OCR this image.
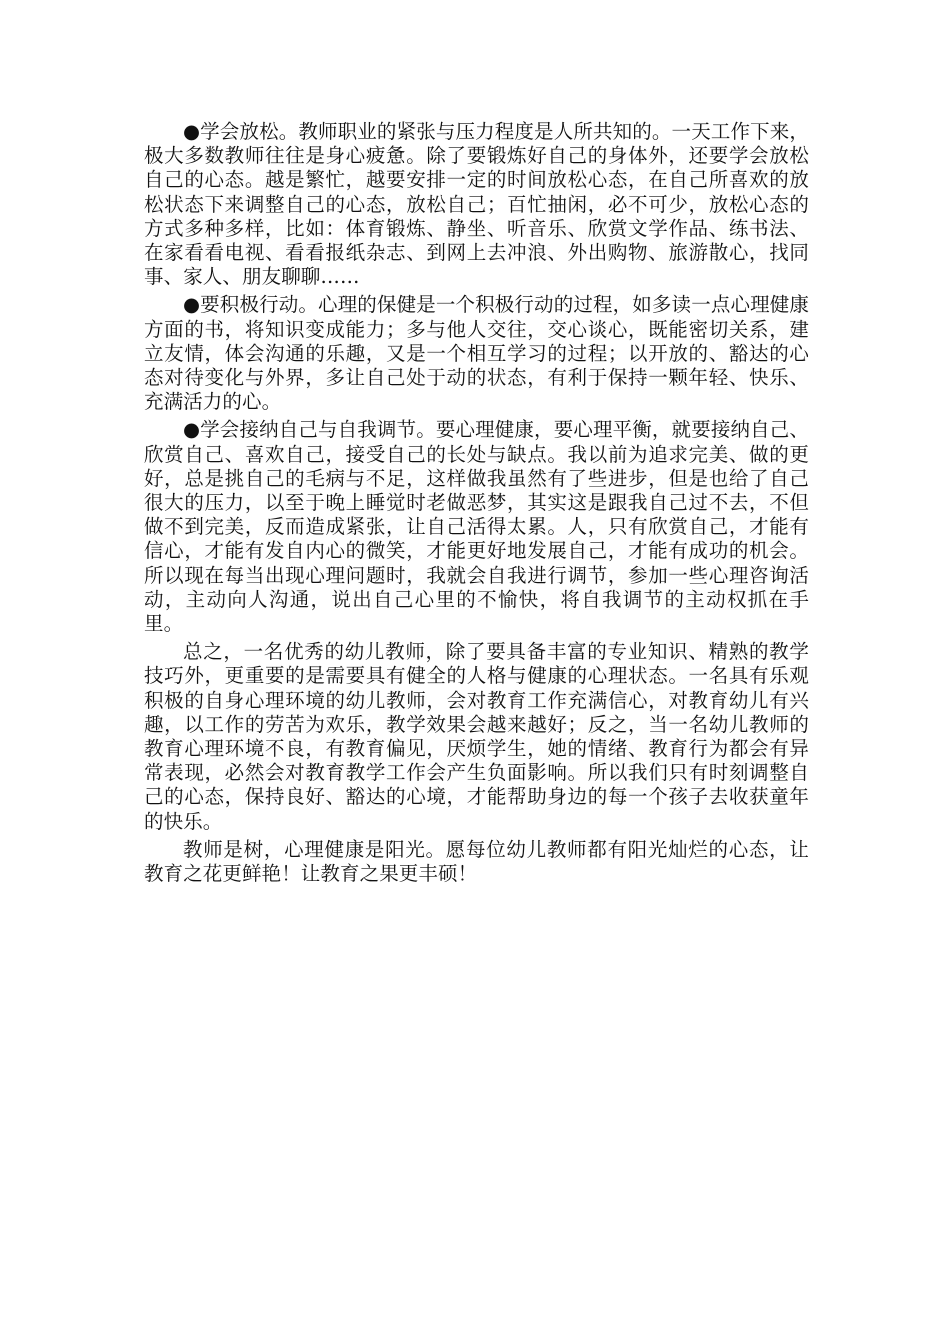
●学会放松。教师职业的紧张与压力程度是人所共知的。一天工作下来，极大多数教师往往是身心疲惫。除了要锻炼好自己的身体外，还要学会放松自己的心态。越是繁忙，越要安排一定的时间放松心态，在自己所喜欢的放松状态下来调整自己的心态，放松自己；百忙抽闲，必不可少，放松心态的方式多种多样，比如：体育锻炼、静坐、听音乐、欣赏文学作品、练书法、在家看看电视、看看报纸杂志、到网上去冲浪、外出购物、旅游散心，找同事、家人、朋友聊聊……

●要积极行动。心理的保健是一个积极行动的过程，如多读一点心理健康方面的书，将知识变成能力；多与他人交往，交心谈心，既能密切关系，建立友情，体会沟通的乐趣，又是一个相互学习的过程；以开放的、豁达的心态对待变化与外界，多让自己处于动的状态，有利于保持一颗年轻、快乐、充满活力的心。

●学会接纳自己与自我调节。要心理健康，要心理平衡，就要接纳自己、欣赏自己、喜欢自己，接受自己的长处与缺点。我以前为追求完美、做的更好，总是挑自己的毛病与不足，这样做我虽然有了些进步，但是也给了自己很大的压力，以至于晚上睡觉时老做恶梦，其实这是跟我自己过不去，不但做不到完美，反而造成紧张，让自己活得太累。人，只有欣赏自己，才能有信心，才能有发自内心的微笑，才能更好地发展自己，才能有成功的机会。所以现在每当出现心理问题时，我就会自我进行调节，参加一些心理咨询活动，主动向人沟通，说出自己心里的不愉快，将自我调节的主动权抓在手里。

总之，一名优秀的幼儿教师，除了要具备丰富的专业知识、精熟的教学技巧外，更重要的是需要具有健全的人格与健康的心理状态。一名具有乐观积极的自身心理环境的幼儿教师，会对教育工作充满信心，对教育幼儿有兴趣，以工作的劳苦为欢乐，教学效果会越来越好；反之，当一名幼儿教师的教育心理环境不良，有教育偏见，厌烦学生，她的情绪、教育行为都会有异常表现，必然会对教育教学工作会产生负面影响。所以我们只有时刻调整自己的心态，保持良好、豁达的心境，才能帮助身边的每一个孩子去收获童年的快乐。

教师是树，心理健康是阳光。愿每位幼儿教师都有阳光灿烂的心态，让教育之花更鲜艳！让教育之果更丰硕！
